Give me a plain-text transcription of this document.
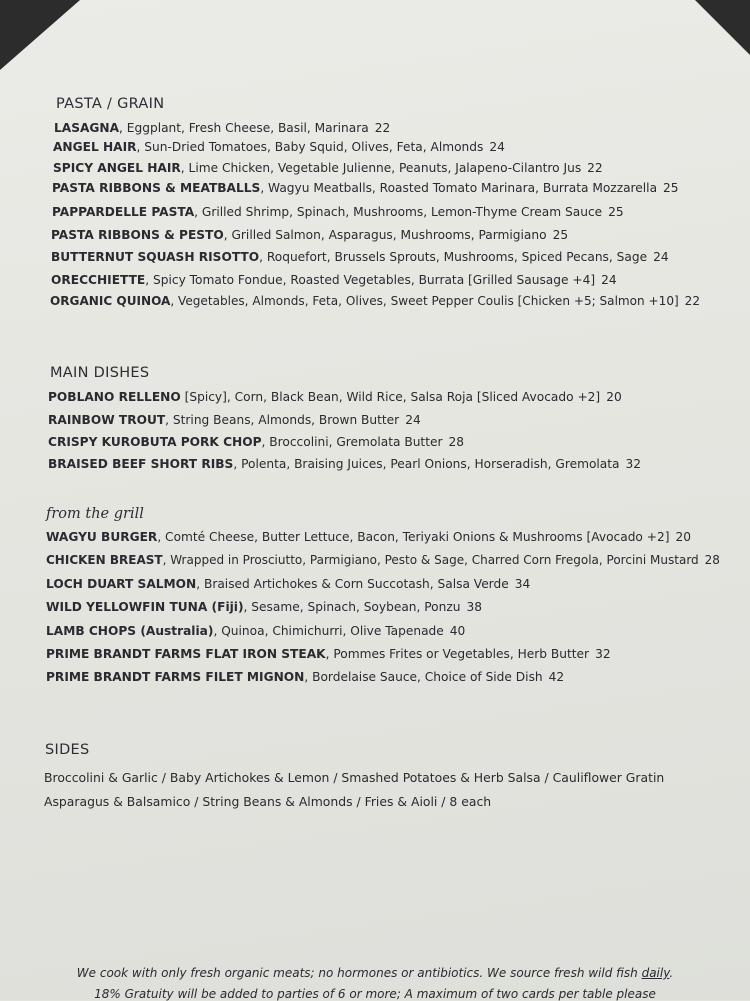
PASTA / GRAIN
LASAGNA, Eggplant, Fresh Cheese, Basil, Marinara 22
ANGEL HAIR, Sun-Dried Tomatoes, Baby Squid, Olives, Feta, Almonds 24
SPICY ANGEL HAIR, Lime Chicken, Vegetable Julienne, Peanuts, Jalapeno-Cilantro Jus 22
PASTA RIBBONS & MEATBALLS, Wagyu Meatballs, Roasted Tomato Marinara, Burrata Mozzarella 25
PAPPARDELLE PASTA, Grilled Shrimp, Spinach, Mushrooms, Lemon-Thyme Cream Sauce 25
PASTA RIBBONS & PESTO, Grilled Salmon, Asparagus, Mushrooms, Parmigiano 25
BUTTERNUT SQUASH RISOTTO, Roquefort, Brussels Sprouts, Mushrooms, Spiced Pecans, Sage 24
ORECCHIETTE, Spicy Tomato Fondue, Roasted Vegetables, Burrata [Grilled Sausage +4] 24
ORGANIC QUINOA, Vegetables, Almonds, Feta, Olives, Sweet Pepper Coulis [Chicken +5; Salmon +10] 22
MAIN DISHES
POBLANO RELLENO [Spicy], Corn, Black Bean, Wild Rice, Salsa Roja [Sliced Avocado +2] 20
RAINBOW TROUT, String Beans, Almonds, Brown Butter 24
CRISPY KUROBUTA PORK CHOP, Broccolini, Gremolata Butter 28
BRAISED BEEF SHORT RIBS, Polenta, Braising Juices, Pearl Onions, Horseradish, Gremolata 32
from the grill
WAGYU BURGER, Comté Cheese, Butter Lettuce, Bacon, Teriyaki Onions & Mushrooms [Avocado +2] 20
CHICKEN BREAST, Wrapped in Prosciutto, Parmigiano, Pesto & Sage, Charred Corn Fregola, Porcini Mustard 28
LOCH DUART SALMON, Braised Artichokes & Corn Succotash, Salsa Verde 34
WILD YELLOWFIN TUNA (Fiji), Sesame, Spinach, Soybean, Ponzu 38
LAMB CHOPS (Australia), Quinoa, Chimichurri, Olive Tapenade 40
PRIME BRANDT FARMS FLAT IRON STEAK, Pommes Frites or Vegetables, Herb Butter 32
PRIME BRANDT FARMS FILET MIGNON, Bordelaise Sauce, Choice of Side Dish 42
SIDES
Broccolini & Garlic / Baby Artichokes & Lemon / Smashed Potatoes & Herb Salsa / Cauliflower Gratin
Asparagus & Balsamico / String Beans & Almonds / Fries & Aioli / 8 each
We cook with only fresh organic meats; no hormones or antibiotics. We source fresh wild fish daily.
18% Gratuity will be added to parties of 6 or more; A maximum of two cards per table please
